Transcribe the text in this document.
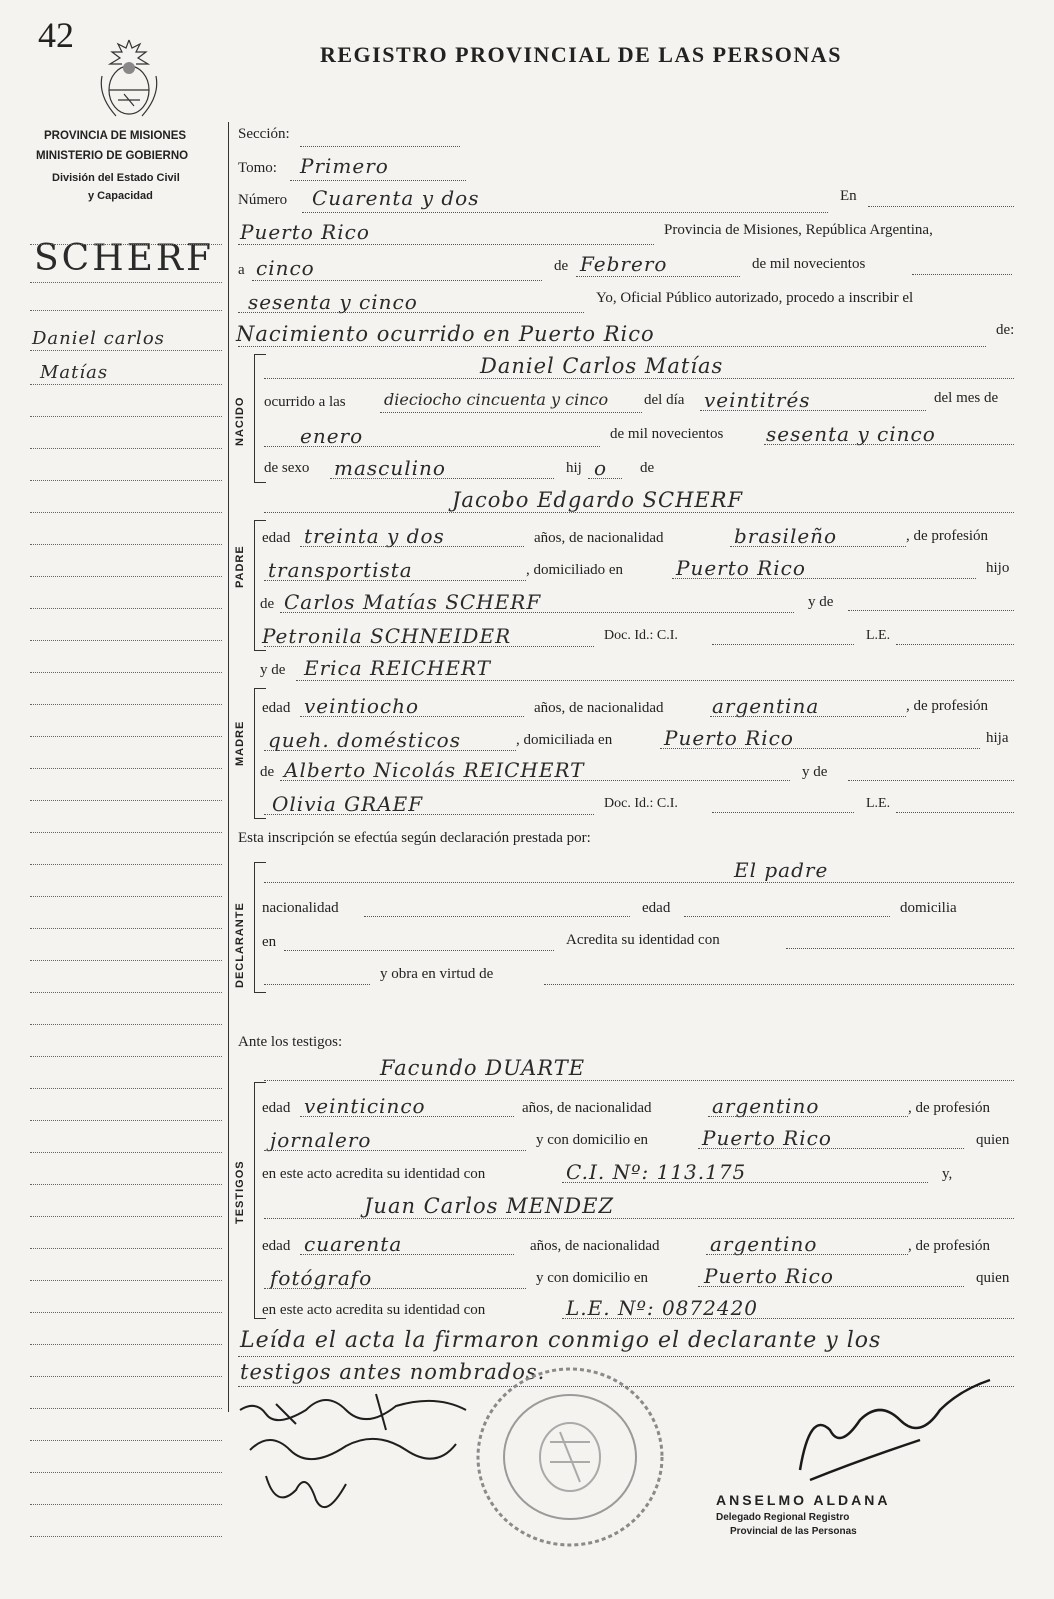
42	REGISTRO PROVINCIAL DE LAS PERSONAS
PROVINCIA DE MISIONES
MINISTERIO DE GOBIERNO
División del Estado Civil
y Capacidad
SCHERF
Daniel carlos
Matías
Sección:
Tomo: Primero
Número Cuarenta y dos	En
Puerto Rico	Provincia de Misiones, República Argentina,
a cinco	de Febrero	de mil novecientos
sesenta y cinco	Yo, Oficial Público autorizado, procedo a inscribir el
Nacimiento ocurrido en Puerto Rico	de:
NACIDO
Daniel Carlos Matías
ocurrido a las dieciocho cincuenta y cinco del día veintitrés	del mes de
enero	de mil novecientos sesenta y cinco
de sexo masculino	hij o de
PADRE
Jacobo Edgardo SCHERF
edad treinta y dos	años, de nacionalidad	brasileño	, de profesión
transportista	, domiciliado en	Puerto Rico	hijo
de Carlos Matías SCHERF	y de
Petronila SCHNEIDER	Doc. Id.: C.I.	L.E.
y de Erica REICHERT
MADRE
edad veintiocho	años, de nacionalidad argentina	, de profesión
queh. domésticos	, domiciliada en	Puerto Rico	hija
de Alberto Nicolás REICHERT	y de
Olivia GRAEF	Doc. Id.: C.I.	L.E.
Esta inscripción se efectúa según declaración prestada por:
DECLARANTE
El padre
nacionalidad	edad	domicilia
en	Acredita su identidad con
y obra en virtud de
Ante los testigos:
TESTIGOS
Facundo DUARTE
edad veinticinco	años, de nacionalidad	argentino	, de profesión
jornalero	y con domicilio en	Puerto Rico	quien
en este acto acredita su identidad con	C.I. Nº: 113.175	y,
Juan Carlos MENDEZ
edad cuarenta	años, de nacionalidad	argentino	, de profesión
fotógrafo	y con domicilio en	Puerto Rico	quien
en este acto acredita su identidad con	L.E. Nº: 0872420
Leída el acta la firmaron conmigo el declarante y los
testigos antes nombrados.
ANSELMO ALDANA
Delegado Regional Registro
Provincial de las Personas
